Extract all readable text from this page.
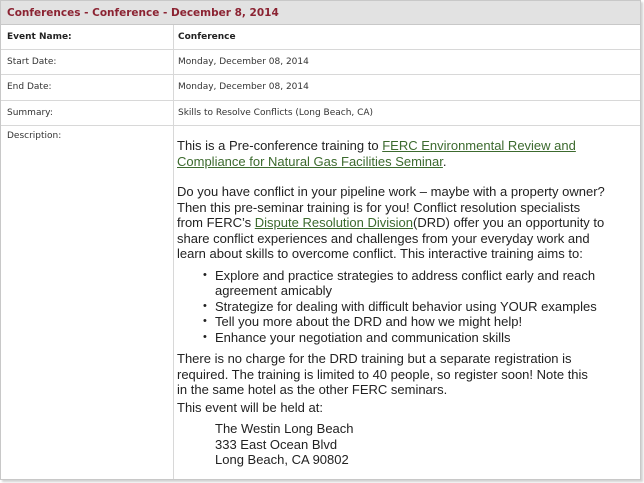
Conferences - Conference - December 8, 2014
Event Name:	Conference
Start Date:	Monday, December 08, 2014
End Date:	Monday, December 08, 2014
Summary:	Skills to Resolve Conflicts (Long Beach, CA)
Description:

This is a Pre-conference training to FERC Environmental Review and

Compliance for Natural Gas Facilities Seminar.

Do you have conflict in your pipeline work – maybe with a property owner?

Then this pre-seminar training is for you! Conflict resolution specialists

from FERC’s Dispute Resolution Division(DRD) offer you an opportunity to

share conflict experiences and challenges from your everyday work and

learn about skills to overcome conflict. This interactive training aims to:

• Explore and practice strategies to address conflict early and reach
agreement amicably
• Strategize for dealing with difficult behavior using YOUR examples
• Tell you more about the DRD and how we might help!
• Enhance your negotiation and communication skills

There is no charge for the DRD training but a separate registration is

required. The training is limited to 40 people, so register soon! Note this

in the same hotel as the other FERC seminars.

This event will be held at:

The Westin Long Beach
333 East Ocean Blvd
Long Beach, CA 90802
